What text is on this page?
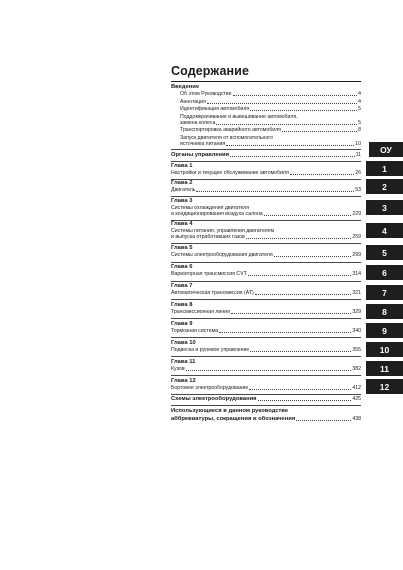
Содержание
Введение
Об этом Руководстве	4
Аннотация	4
Идентификация автомобиля	5
Поддомкрачивание и вывешивание автомобиля,
замена колеса	5
Транспортировка аварийного автомобиля	8
Запуск двигателя от вспомогательного
источника питания	10
Органы управления	11
Глава 1
Настройки и текущее обслуживание автомобиля	26
Глава 2
Двигатель	53
Глава 3
Системы охлаждения двигателя
и кондиционирования воздуха салона	229
Глава 4
Системы питания, управления двигателем
и выпуска отработавших газов	259
Глава 5
Системы электрооборудования двигателя	299
Глава 6
Вариаторная трансмиссия CVT	314
Глава 7
Автоматическая трансмиссия (AT)	321
Глава 8
Трансмиссионная линия	329
Глава 9
Тормозная система	340
Глава 10
Подвеска и рулевое управление	355
Глава 11
Кузов	382
Глава 12
Бортовое электрооборудование	412
Схемы электрооборудования	425
Использующиеся в данном руководстве
аббревиатуры, сокращения и обозначения	438
ОУ
1
2
3
4
5
6
7
8
9
10
11
12
